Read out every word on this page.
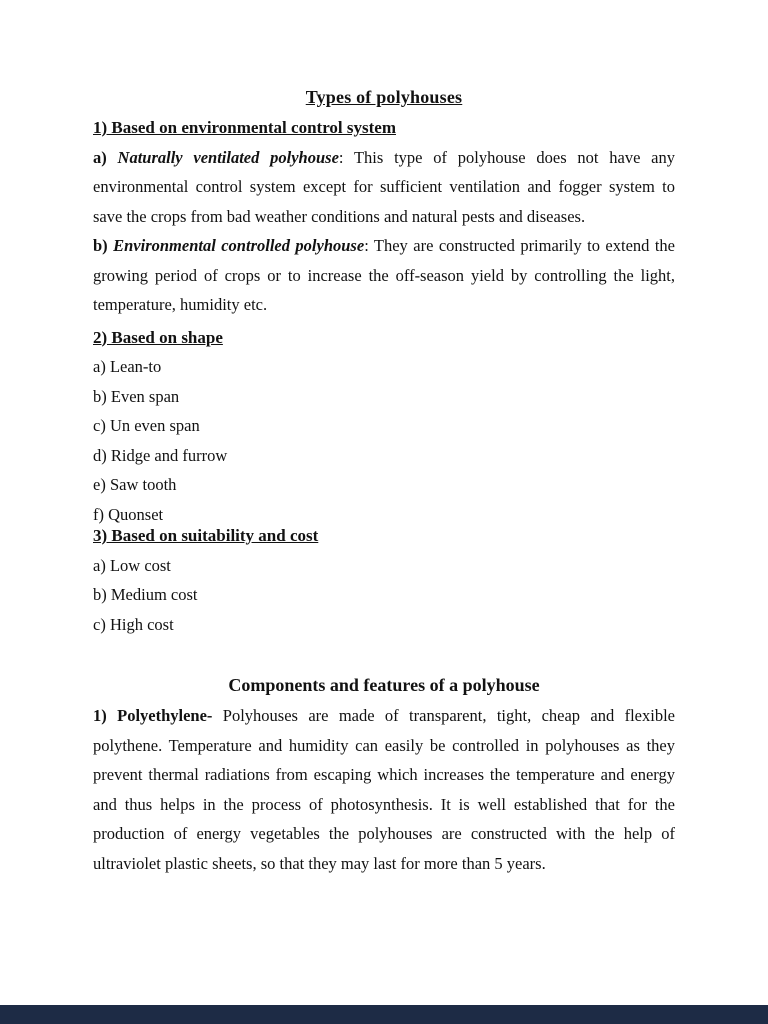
Types of polyhouses
1) Based on environmental control system

a) Naturally ventilated polyhouse: This type of polyhouse does not have any environmental control system except for sufficient ventilation and fogger system to save the crops from bad weather conditions and natural pests and diseases.

b) Environmental controlled polyhouse: They are constructed primarily to extend the growing period of crops or to increase the off-season yield by controlling the light, temperature, humidity etc.

2) Based on shape
a) Lean-to
b) Even span
c) Un even span
d) Ridge and furrow
e) Saw tooth
f) Quonset
3) Based on suitability and cost
a) Low cost
b) Medium cost
c) High cost
Components and features of a polyhouse

1) Polyethylene- Polyhouses are made of transparent, tight, cheap and flexible polythene. Temperature and humidity can easily be controlled in polyhouses as they prevent thermal radiations from escaping which increases the temperature and energy and thus helps in the process of photosynthesis. It is well established that for the production of energy vegetables the polyhouses are constructed with the help of ultraviolet plastic sheets, so that they may last for more than 5 years.
